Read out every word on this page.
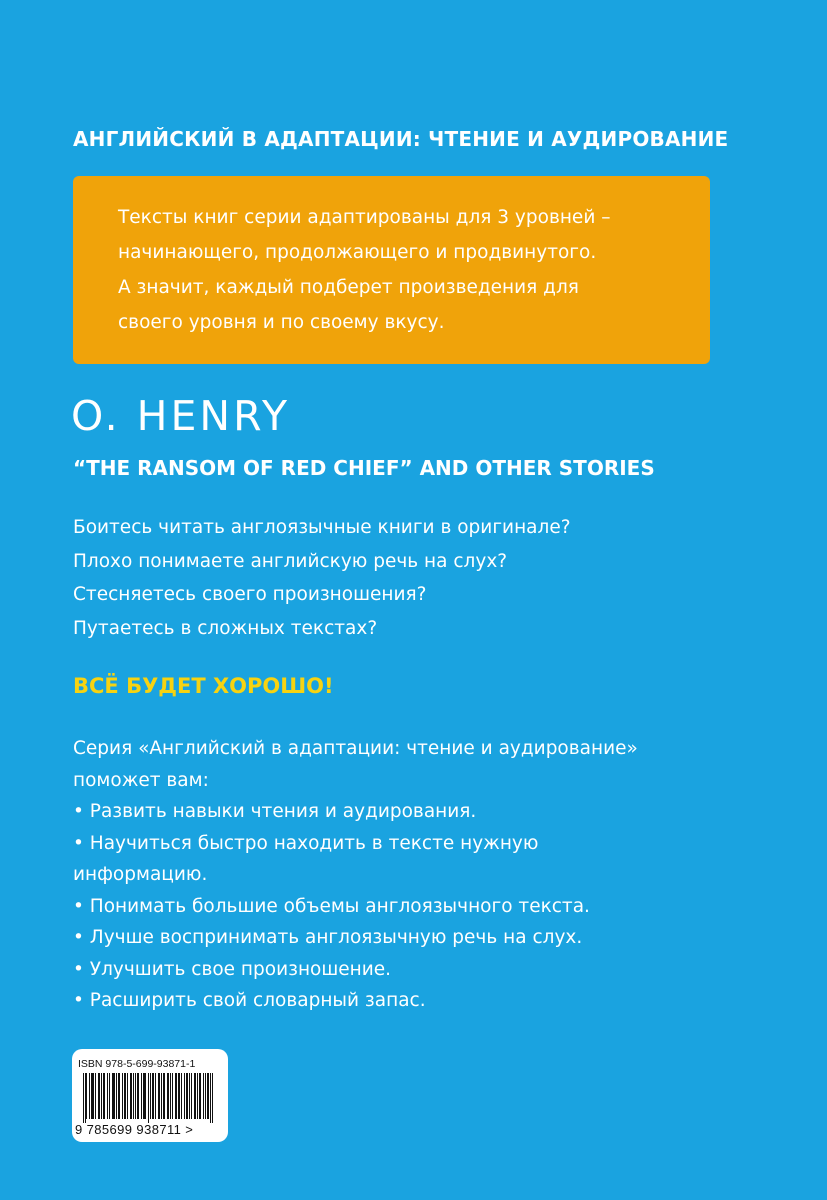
АНГЛИЙСКИЙ В АДАПТАЦИИ: ЧТЕНИЕ И АУДИРОВАНИЕ
Тексты книг серии адаптированы для 3 уровней –
начинающего, продолжающего и продвинутого.
А значит, каждый подберет произведения для
своего уровня и по своему вкусу.
O. HENRY
“THE RANSOM OF RED CHIEF” AND OTHER STORIES
Боитесь читать англоязычные книги в оригинале?
Плохо понимаете английскую речь на слух?
Стесняетесь своего произношения?
Путаетесь в сложных текстах?
ВСЁ БУДЕТ ХОРОШО!
Серия «Английский в адаптации: чтение и аудирование»
поможет вам:
• Развить навыки чтения и аудирования.
• Научиться быстро находить в тексте нужную
информацию.
• Понимать большие объемы англоязычного текста.
• Лучше воспринимать англоязычную речь на слух.
• Улучшить свое произношение.
• Расширить свой словарный запас.
ISBN 978-5-699-93871-1
9 785699 938711 >
